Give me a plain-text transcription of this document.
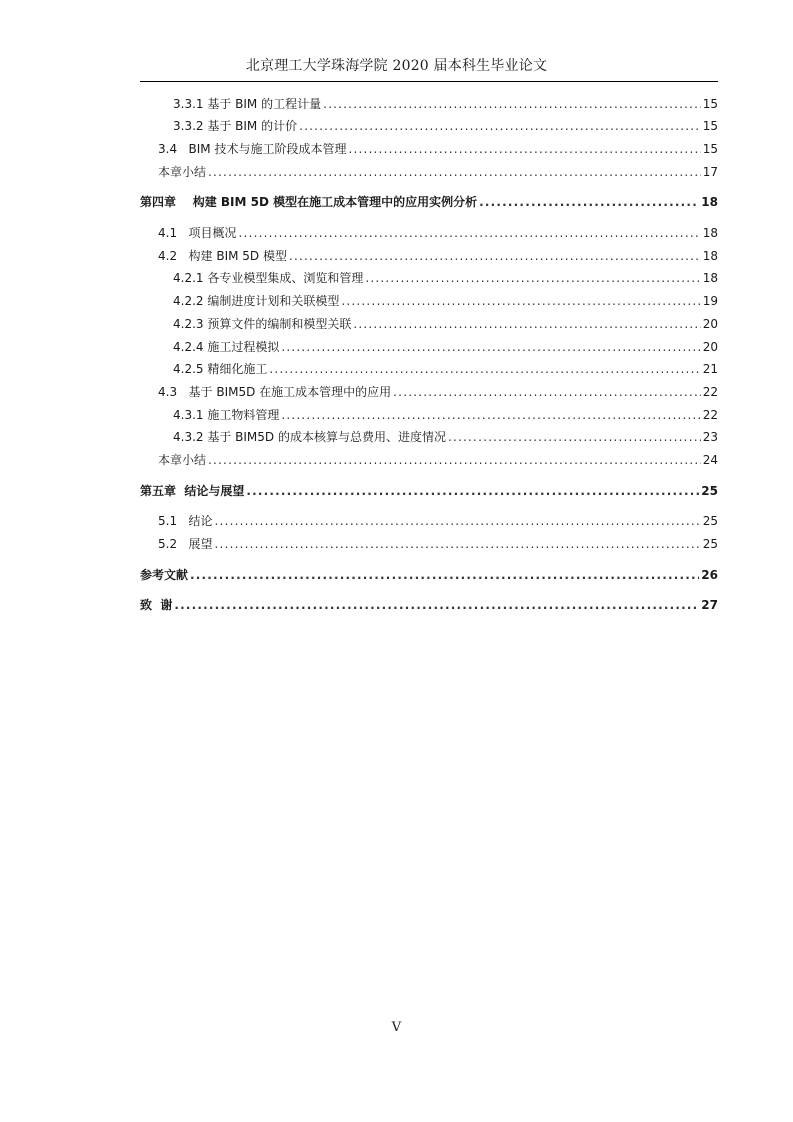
北京理工大学珠海学院 2020 届本科生毕业论文
3.3.1 基于 BIM 的工程计量 .....	15
3.3.2 基于 BIM 的计价 .....	15
3.4   BIM 技术与施工阶段成本管理 .....	15
本章小结 .....	17
第四章    构建 BIM 5D 模型在施工成本管理中的应用实例分析 .....	18
4.1   项目概况 .....	18
4.2   构建 BIM 5D 模型 .....	18
4.2.1 各专业模型集成、浏览和管理 .....	18
4.2.2 编制进度计划和关联模型 .....	19
4.2.3 预算文件的编制和模型关联 .....	20
4.2.4 施工过程模拟 .....	20
4.2.5 精细化施工 .....	21
4.3   基于 BIM5D 在施工成本管理中的应用 .....	22
4.3.1 施工物料管理 .....	22
4.3.2 基于 BIM5D 的成本核算与总费用、进度情况 .....	23
本章小结 .....	24
第五章  结论与展望 .....	25
5.1   结论 .....	25
5.2   展望 .....	25
参考文献 .....	26
致  谢 .....	27
V
